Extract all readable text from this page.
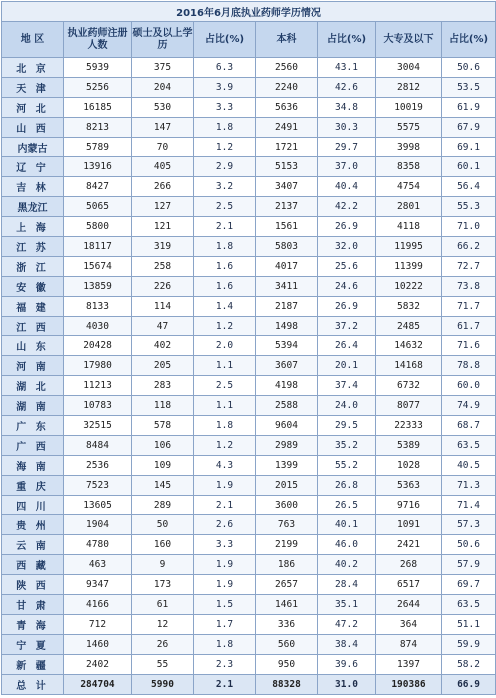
2016年6月底执业药师学历情况							
地 区	执业药师注册人数	硕士及以上学历	占比(%)	本科	占比(%)	大专及以下	占比(%)
北 京	5939	375	6.3	2560	43.1	3004	50.6
天 津	5256	204	3.9	2240	42.6	2812	53.5
河 北	16185	530	3.3	5636	34.8	10019	61.9
山 西	8213	147	1.8	2491	30.3	5575	67.9
内蒙古	5789	70	1.2	1721	29.7	3998	69.1
辽 宁	13916	405	2.9	5153	37.0	8358	60.1
吉 林	8427	266	3.2	3407	40.4	4754	56.4
黑龙江	5065	127	2.5	2137	42.2	2801	55.3
上 海	5800	121	2.1	1561	26.9	4118	71.0
江 苏	18117	319	1.8	5803	32.0	11995	66.2
浙 江	15674	258	1.6	4017	25.6	11399	72.7
安 徽	13859	226	1.6	3411	24.6	10222	73.8
福 建	8133	114	1.4	2187	26.9	5832	71.7
江 西	4030	47	1.2	1498	37.2	2485	61.7
山 东	20428	402	2.0	5394	26.4	14632	71.6
河 南	17980	205	1.1	3607	20.1	14168	78.8
湖 北	11213	283	2.5	4198	37.4	6732	60.0
湖 南	10783	118	1.1	2588	24.0	8077	74.9
广 东	32515	578	1.8	9604	29.5	22333	68.7
广 西	8484	106	1.2	2989	35.2	5389	63.5
海 南	2536	109	4.3	1399	55.2	1028	40.5
重 庆	7523	145	1.9	2015	26.8	5363	71.3
四 川	13605	289	2.1	3600	26.5	9716	71.4
贵 州	1904	50	2.6	763	40.1	1091	57.3
云 南	4780	160	3.3	2199	46.0	2421	50.6
西 藏	463	9	1.9	186	40.2	268	57.9
陕 西	9347	173	1.9	2657	28.4	6517	69.7
甘 肃	4166	61	1.5	1461	35.1	2644	63.5
青 海	712	12	1.7	336	47.2	364	51.1
宁 夏	1460	26	1.8	560	38.4	874	59.9
新 疆	2402	55	2.3	950	39.6	1397	58.2
总 计	284704	5990	2.1	88328	31.0	190386	66.9
